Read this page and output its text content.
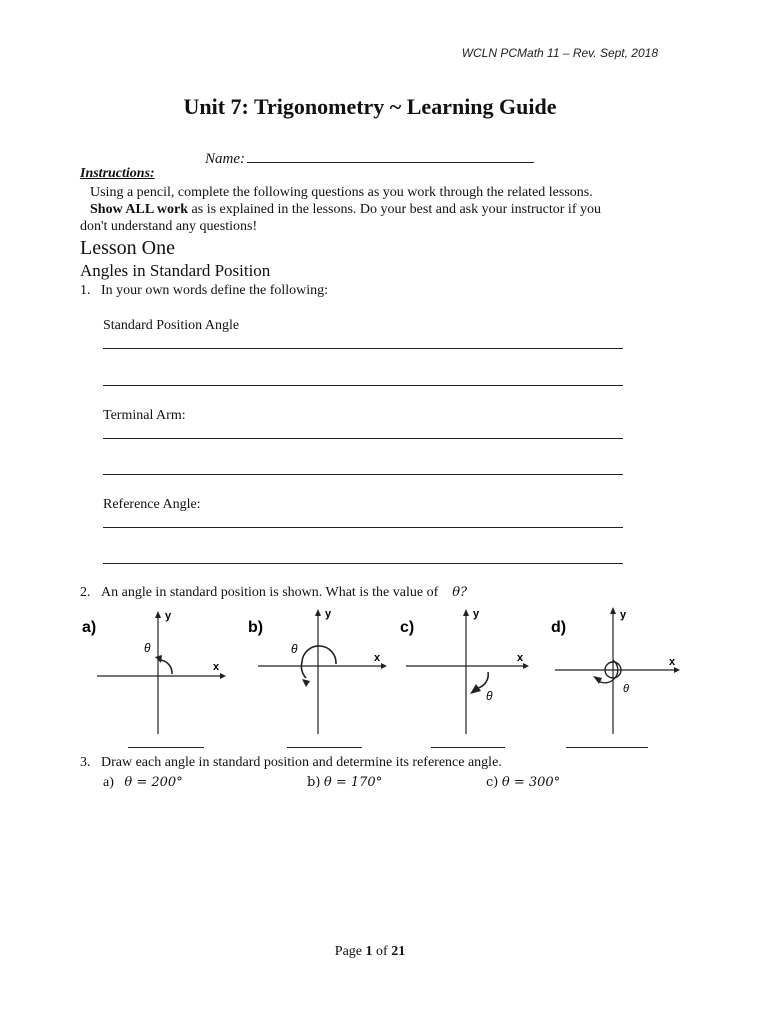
WCLN PCMath 11 – Rev. Sept, 2018
Unit 7: Trigonometry ~ Learning Guide
Name:
Instructions:
Using a pencil, complete the following questions as you work through the related lessons.
Show ALL work as is explained in the lessons. Do your best and ask your instructor if you
don't understand any questions!
Lesson One
Angles in Standard Position
1. In your own words define the following:
Standard Position Angle
Terminal Arm:
Reference Angle:
2. An angle in standard position is shown. What is the value of θ?
a)
x
y
θ
b)
x
y
θ
c)
x
y
θ
d)
x
y
θ
3. Draw each angle in standard position and determine its reference angle.
a) θ = 200°	b) θ = 170°	c) θ = 300°
Page 1 of 21
